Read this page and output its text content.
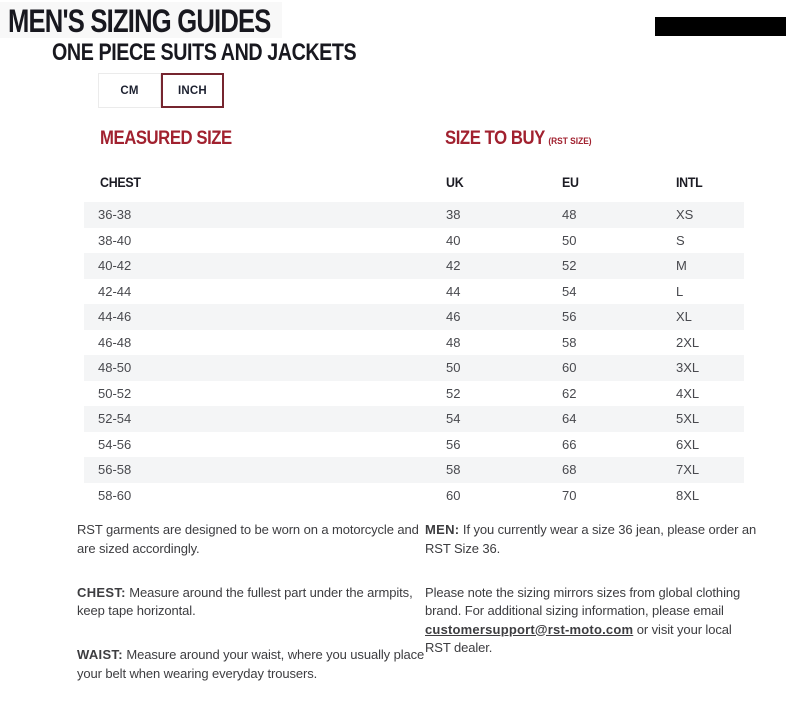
MEN'S SIZING GUIDES
ONE PIECE SUITS AND JACKETS
CM	INCH
MEASURED SIZE	SIZE TO BUY (RST SIZE)
CHEST	UK	EU	INTL
36-38	38	48	XS
38-40	40	50	S
40-42	42	52	M
42-44	44	54	L
44-46	46	56	XL
46-48	48	58	2XL
48-50	50	60	3XL
50-52	52	62	4XL
52-54	54	64	5XL
54-56	56	66	6XL
56-58	58	68	7XL
58-60	60	70	8XL

RST garments are designed to be worn on a motorcycle and are sized accordingly.

CHEST: Measure around the fullest part under the armpits, keep tape horizontal.

WAIST: Measure around your waist, where you usually place your belt when wearing everyday trousers.

MEN: If you currently wear a size 36 jean, please order an RST Size 36.

Please note the sizing mirrors sizes from global clothing brand. For additional sizing information, please email customersupport@rst-moto.com or visit your local RST dealer.
